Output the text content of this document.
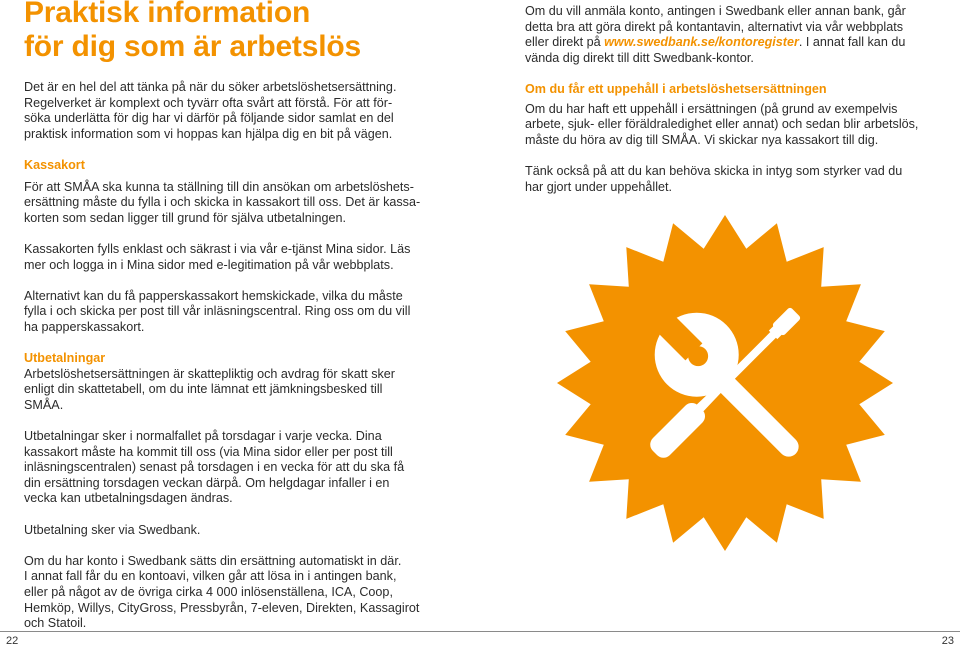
Praktisk information
för dig som är arbetslös

Det är en hel del att tänka på när du söker arbetslöshetsersättning.
Regelverket är komplext och tyvärr ofta svårt att förstå. För att för-
söka underlätta för dig har vi därför på följande sidor samlat en del
praktisk information som vi hoppas kan hjälpa dig en bit på vägen.

Kassakort

För att SMÅA ska kunna ta ställning till din ansökan om arbetslöshets-
ersättning måste du fylla i och skicka in kassakort till oss. Det är kassa-
korten som sedan ligger till grund för själva utbetalningen.

Kassakorten fylls enklast och säkrast i via vår e-tjänst Mina sidor. Läs
mer och logga in i Mina sidor med e-legitimation på vår webbplats.

Alternativt kan du få papperskassakort hemskickade, vilka du måste
fylla i och skicka per post till vår inläsningscentral. Ring oss om du vill
ha papperskassakort.

Utbetalningar

Arbetslöshetsersättningen är skattepliktig och avdrag för skatt sker
enligt din skattetabell, om du inte lämnat ett jämkningsbesked till
SMÅA.

Utbetalningar sker i normalfallet på torsdagar i varje vecka. Dina
kassakort måste ha kommit till oss (via Mina sidor eller per post till
inläsningscentralen) senast på torsdagen i en vecka för att du ska få
din ersättning torsdagen veckan därpå. Om helgdagar infaller i en
vecka kan utbetalningsdagen ändras.

Utbetalning sker via Swedbank.

Om du har konto i Swedbank sätts din ersättning automatiskt in där.
I annat fall får du en kontoavi, vilken går att lösa in i antingen bank,
eller på något av de övriga cirka 4 000 inlösenställena, ICA, Coop,
Hemköp, Willys, CityGross, Pressbyrån, 7-eleven, Direkten, Kassagirot
och Statoil.

22

Om du vill anmäla konto, antingen i Swedbank eller annan bank, går
detta bra att göra direkt på kontantavin, alternativt via vår webbplats
eller direkt på www.swedbank.se/kontoregister. I annat fall kan du
vända dig direkt till ditt Swedbank-kontor.

Om du får ett uppehåll i arbetslöshetsersättningen

Om du har haft ett uppehåll i ersättningen (på grund av exempelvis
arbete, sjuk- eller föräldraledighet eller annat) och sedan blir arbetslös,
måste du höra av dig till SMÅA. Vi skickar nya kassakort till dig.

Tänk också på att du kan behöva skicka in intyg som styrker vad du
har gjort under uppehållet.

23
